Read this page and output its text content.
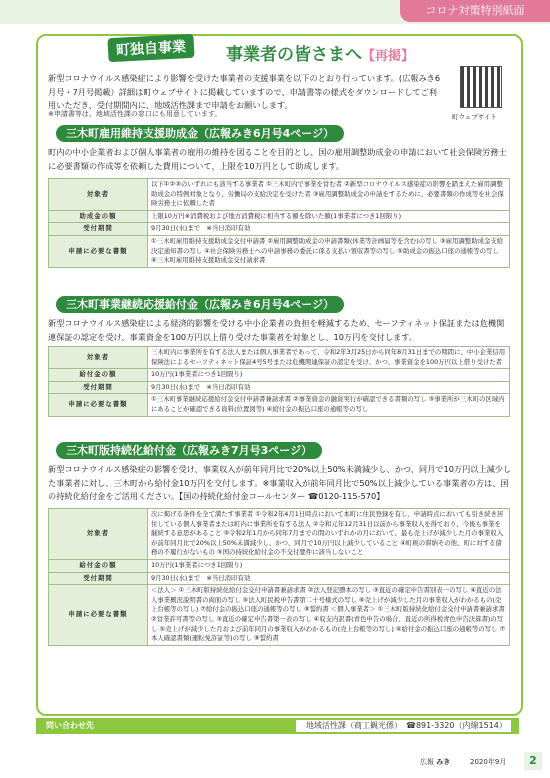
コロナ対策特別紙面
町独自事業	事業者の皆さまへ【再掲】
新型コロナウイルス感染症により影響を受けた事業者の支援事業を以下のとおり行っています。(広報みき6月号・7月号掲載）詳細は町ウェブサイトに掲載していますので、申請書等の様式をダウンロードしてご利用いただき、受付期間内に、地域活性課まで申請をお願いします。
※申請書等は、地域活性課の窓口にも用意しています。	町ウェブサイト
三木町雇用維持支援助成金（広報みき6月号4ページ）
町内の中小企業者および個人事業者の雇用の維持を図ることを目的とし、国の雇用調整助成金の申請において社会保険労務士に必要書類の作成等を依頼した費用について、上限を10万円として助成します。
対象者	以下①②③のいずれにも該当する事業者 ①三木町内で事業を営む者 ②新型コロナウイルス感染症の影響を踏まえた雇用調整助成金の特例対象となり、労働局の支給決定を受けた者 ③雇用調整助成金の申請をするために、必要書類の作成等を社会保険労務士に依頼した者
助成金の額	上限10万円※消費税および地方消費税に相当する額を除いた額(1事業者につき1回限り)
受付期間	9月30日(水)まで　※当日消印有効
申請に必要な書類	①三木町雇用維持支援助成金交付申請書 ②雇用調整助成金の申請書類(休業等計画届等を含む)の写し ③雇用調整助成金支給決定通知書の写し ④社会保険労務士への申請事務の委託に係る支払い領収書等の写し ⑤助成金の振込口座の通帳等の写し ⑥三木町雇用維持支援助成金交付請求書
三木町事業継続応援給付金（広報みき6月号4ページ）
新型コロナウイルス感染症による経済的影響を受ける中小企業者の負担を軽減するため、セーフティネット保証または危機関連保証の認定を受け、事業資金を100万円以上借り受けた事業者を対象とし、10万円を交付します。
対象者	三木町内に事業所を有する法人または個人事業者であって、令和2年3月25日から同年8月31日までの期間に、中小企業信用保険法によるセーフティネット保証4号5号または危機関連保証の認定を受け、かつ、事業資金を100万円以上借り受けた者
給付金の額	10万円(1事業者につき1回限り)
受付期間	9月30日(水)まで　※当日消印有効
申請に必要な書類	①三木町事業継続応援給付金交付申請書兼請求書 ②事業資金の融資実行が確認できる書類の写し ③事業所が三木町の区域内にあることが確認できる資料(位置図等) ④給付金の振込口座の通帳等の写し
三木町版持続化給付金（広報みき7月号3ページ）
新型コロナウイルス感染症の影響を受け、事業収入が前年同月比で20%以上50%未満減少し、かつ、同月で10万円以上減少した事業者に対し、三木町から給付金10万円を交付します。※事業収入が前年同月比で50%以上減少している事業者の方は、国の持続化給付金をご活用ください。【国の持続化給付金コールセンター ☎0120-115-570】
対象者	次に掲げる条件を全て満たす事業者 ①令和2年4月1日時点において本町に住民登録を有し、申請時点においても引き続き居住している個人事業者または町内に事業所を有する法人 ②令和元年12月31日以前から事業収入を得ており、今後も事業を継続する意思があること ③令和2年1月から同年7月までの間のいずれかの月において、最も売上げが減少した月の事業収入が前年同月比で20%以上50%未満減少し、かつ、同月で10万円以上減少していること ④町税の滞納その他、町に対する債務の不履行がないもの ⑤国の持続化給付金の不交付要件に該当しないこと
給付金の額	10万円(1事業者につき1回限り)
受付期間	9月30日(水)まで　※当日消印有効
申請に必要な書類	＜法人＞ ①三木町版持続化給付金交付申請書兼請求書 ②法人登記謄本の写し ③直近の確定申告書別表一の写し ④直近の法人事業概況説明書の両面の写し ⑤法人町民税申告書第二十号様式の写し ⑥売上げが減少した月の事業収入がわかるもの(売上台帳等の写し) ⑦給付金の振込口座の通帳等の写し ⑧誓約書 ＜個人事業者＞ ①三木町版持続化給付金交付申請書兼請求書 ②営業許可書等の写し ③直近の確定申告書第一表の写し ④収支内訳書(青色申告の場合、直近の所得税青色申告決算書)の写し ⑤売上げが減少した月および前年同月の事業収入がわかるもの(売上台帳等の写し) ⑥給付金の振込口座の通帳等の写し ⑦本人確認書類(運転免許証等)の写し ⑧誓約書
問い合わせ先	地域活性課（商工観光係）　☎891-3320（内線1514）
広報 みき	2020年9月	2
